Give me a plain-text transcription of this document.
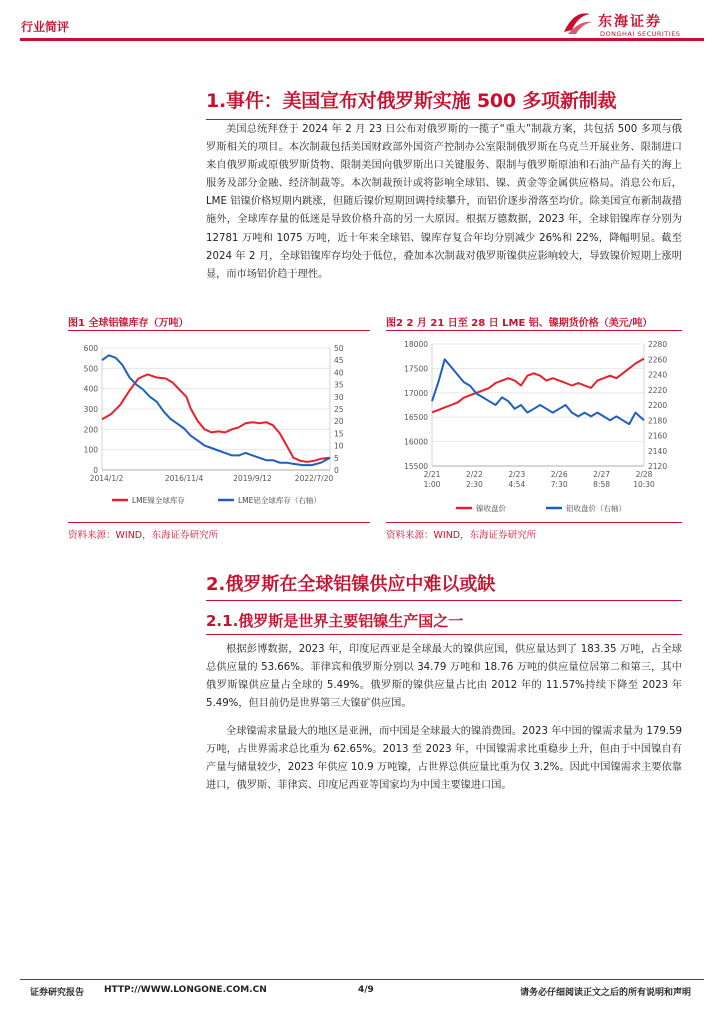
行业简评	东海证券
DONGHAI SECURITIES
1.事件：美国宣布对俄罗斯实施 500 多项新制裁
美国总统拜登于 2024 年 2 月 23 日公布对俄罗斯的一揽子“重大”制裁方案，共包括 500 多项与俄罗斯相关的项目。本次制裁包括美国财政部外国资产控制办公室限制俄罗斯在乌克兰开展业务、限制进口来自俄罗斯或原俄罗斯货物、限制美国向俄罗斯出口关键服务、限制与俄罗斯原油和石油产品有关的海上服务及部分金融、经济制裁等。本次制裁预计或将影响全球铝、镍、黄金等金属供应格局。消息公布后，LME 铝镍价格短期内跳涨，但随后镍价短期回调持续攀升，而铝价逐步滑落至均价。除美国宣布新制裁措施外，全球库存量的低迷是导致价格升高的另一大原因。根据万德数据，2023 年，全球铝镍库存分别为 12781 万吨和 1075 万吨，近十年来全球铝、镍库存复合年均分别减少 26%和 22%，降幅明显。截至 2024 年 2 月，全球铝镍库存均处于低位，叠加本次制裁对俄罗斯镍供应影响较大，导致镍价短期上涨明显，而市场铝价趋于理性。
图1 全球铝镍库存（万吨）
0
100
200
300
400
500
600
0
5
10
15
20
25
30
35
40
45
50
2014/1/2	2016/11/4	2019/9/12	2022/7/20
LME镍全球库存	LME铝全球库存（右轴）
资料来源：WIND，东海证券研究所
图2 2 月 21 日至 28 日 LME 铝、镍期货价格（美元/吨）
15500
16000
16500
17000
17500
18000
2120
2140
2160
2180
2200
2220
2240
2260
2280
2/21
1:00
2/22
2:30
2/23
4:54
2/26
7:30
2/27
8:58
2/28
10:30
镍收盘价	铝收盘价（右轴）
资料来源：WIND，东海证券研究所
2.俄罗斯在全球铝镍供应中难以或缺
2.1.俄罗斯是世界主要铝镍生产国之一
根据彭博数据，2023 年，印度尼西亚是全球最大的镍供应国，供应量达到了 183.35 万吨，占全球总供应量的 53.66%。菲律宾和俄罗斯分别以 34.79 万吨和 18.76 万吨的供应量位居第二和第三，其中俄罗斯镍供应量占全球的 5.49%。俄罗斯的镍供应量占比由 2012 年的 11.57%持续下降至 2023 年 5.49%，但目前仍是世界第三大镍矿供应国。
全球镍需求量最大的地区是亚洲，而中国是全球最大的镍消费国。2023 年中国的镍需求量为 179.59 万吨，占世界需求总比重为 62.65%。2013 至 2023 年，中国镍需求比重稳步上升，但由于中国镍自有产量与储量较少，2023 年供应 10.9 万吨镍，占世界总供应量比重为仅 3.2%。因此中国镍需求主要依靠进口，俄罗斯、菲律宾、印度尼西亚等国家均为中国主要镍进口国。
证券研究报告 HTTP://WWW.LONGONE.COM.CN	4/9	请务必仔细阅读正文之后的所有说明和声明
